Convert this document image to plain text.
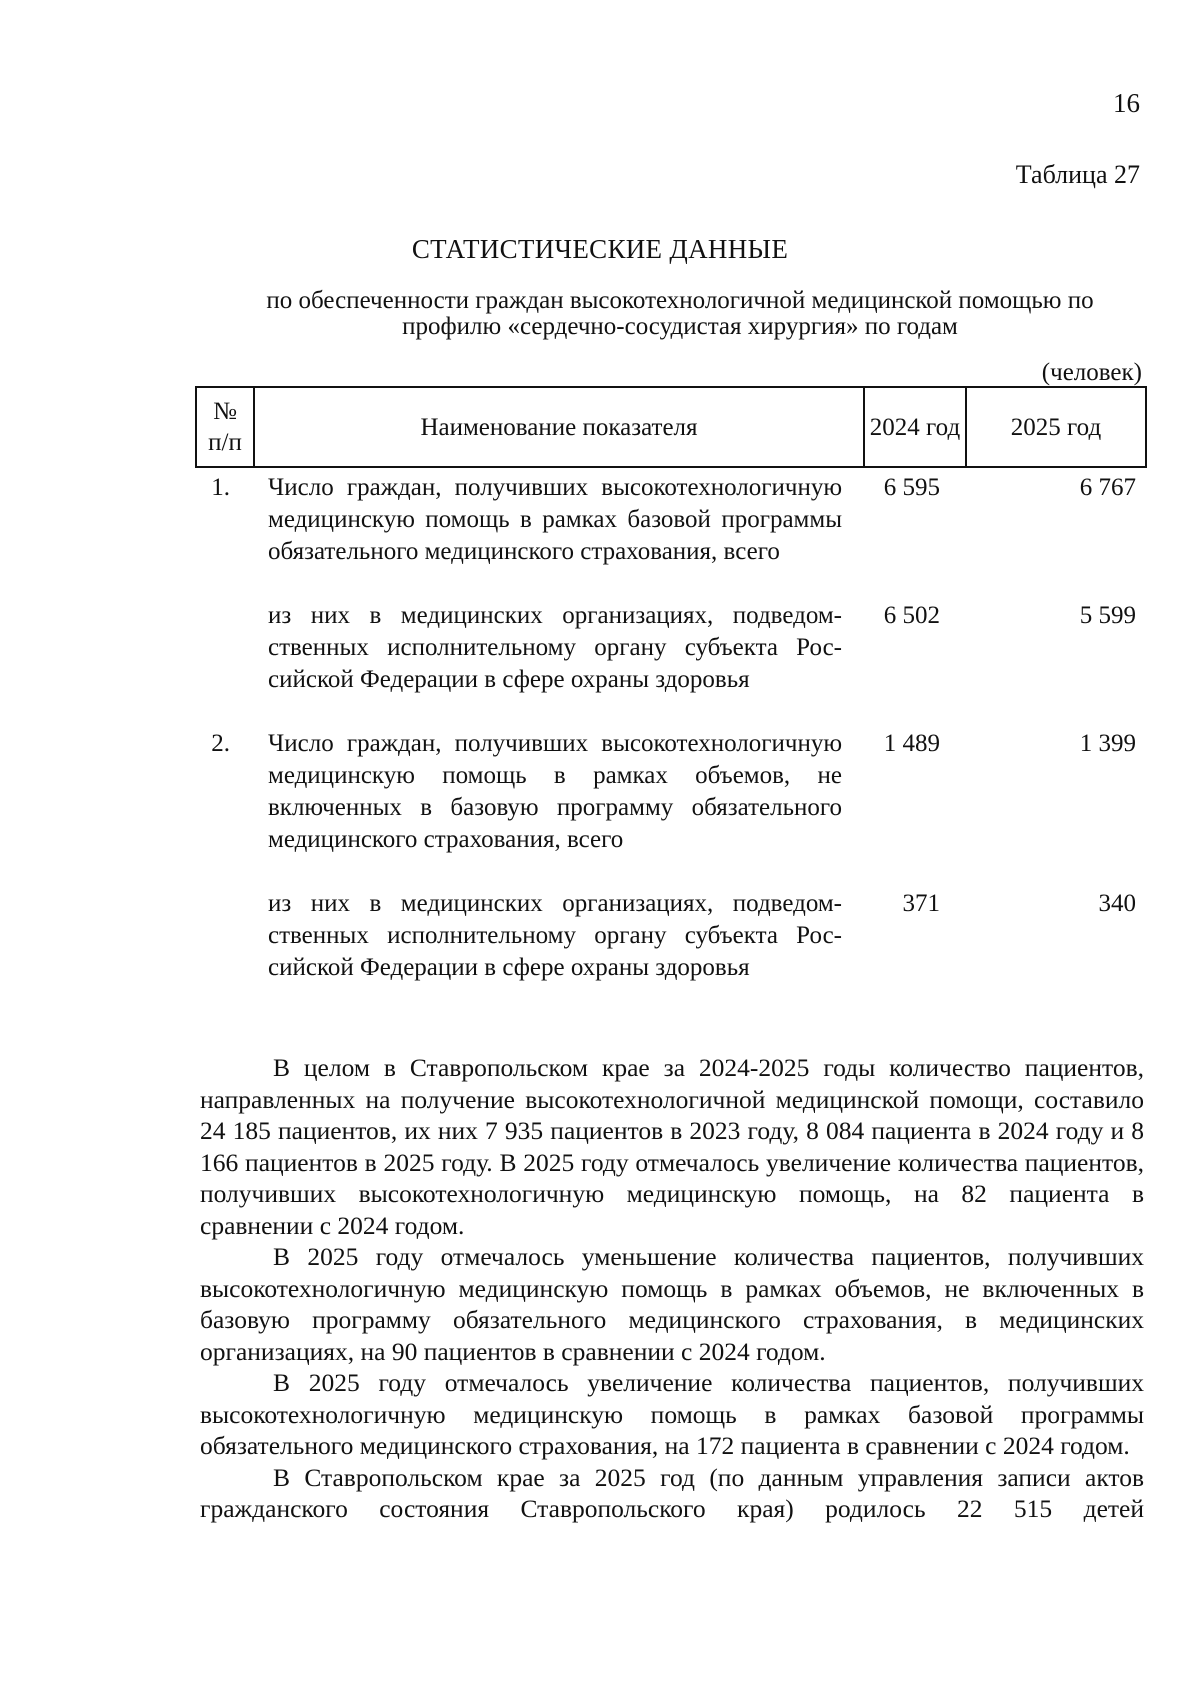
16
Таблица 27
СТАТИСТИЧЕСКИЕ ДАННЫЕ
по обеспеченности граждан высокотехнологичной медицинской помощью по профилю «сердечно-сосудистая хирургия» по годам
(человек)
№ п/п	Наименование показателя	2024 год	2025 год
1.	Число граждан, получивших высокотехнологичную медицинскую помощь в рамках базовой программы обязательного медицинского страхования, всего	6 595	6 767
	из них в медицинских организациях, подведомственных исполнительному органу субъекта Российской Федерации в сфере охраны здоровья	6 502	5 599
2.	Число граждан, получивших высокотехнологичную медицинскую помощь в рамках объемов, не включенных в базовую программу обязательного медицинского страхования, всего	1 489	1 399
	из них в медицинских организациях, подведомственных исполнительному органу субъекта Российской Федерации в сфере охраны здоровья	371	340

В целом в Ставропольском крае за 2024-2025 годы количество пациентов, направленных на получение высокотехнологичной медицинской помощи, составило 24 185 пациентов, их них 7 935 пациентов в 2023 году, 8 084 пациента в 2024 году и 8 166 пациентов в 2025 году. В 2025 году отмечалось увеличение количества пациентов, получивших высокотехнологичную медицинскую помощь, на 82 пациента в сравнении с 2024 годом.

В 2025 году отмечалось уменьшение количества пациентов, получивших высокотехнологичную медицинскую помощь в рамках объемов, не включенных в базовую программу обязательного медицинского страхования, в медицинских организациях, на 90 пациентов в сравнении с 2024 годом.

В 2025 году отмечалось увеличение количества пациентов, получивших высокотехнологичную медицинскую помощь в рамках базовой программы обязательного медицинского страхования, на 172 пациента в сравнении с 2024 годом.

В Ставропольском крае за 2025 год (по данным управления записи актов гражданского состояния Ставропольского края) родилось 22 515 детей
